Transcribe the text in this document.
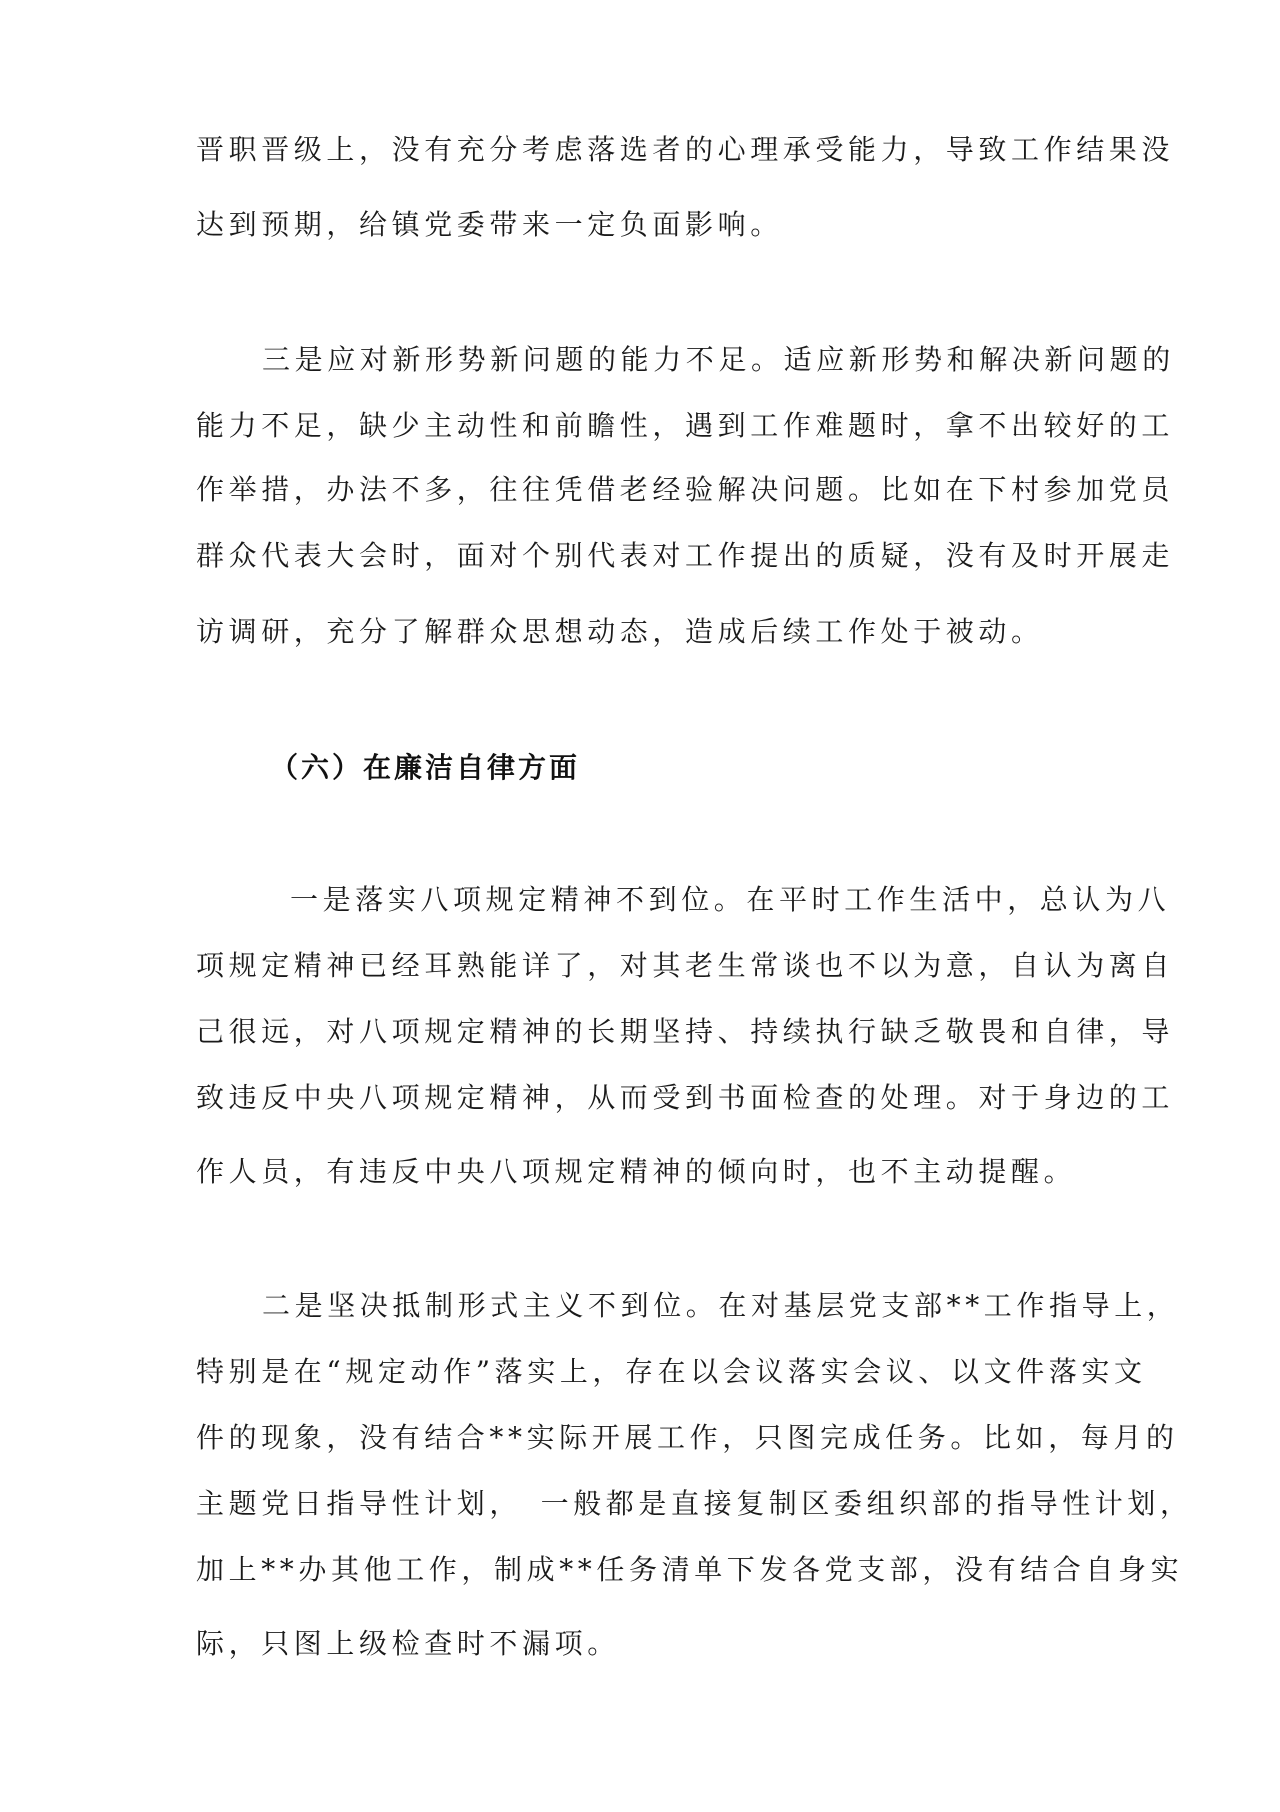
晋职晋级上，没有充分考虑落选者的心理承受能力，导致工作结果没

达到预期，给镇党委带来一定负面影响。

三是应对新形势新问题的能力不足。适应新形势和解决新问题的

能力不足，缺少主动性和前瞻性，遇到工作难题时，拿不出较好的工

作举措，办法不多，往往凭借老经验解决问题。比如在下村参加党员

群众代表大会时，面对个别代表对工作提出的质疑，没有及时开展走

访调研，充分了解群众思想动态，造成后续工作处于被动。

（六）在廉洁自律方面

一是落实八项规定精神不到位。在平时工作生活中，总认为八

项规定精神已经耳熟能详了，对其老生常谈也不以为意，自认为离自

己很远，对八项规定精神的长期坚持、持续执行缺乏敬畏和自律，导

致违反中央八项规定精神，从而受到书面检查的处理。对于身边的工

作人员，有违反中央八项规定精神的倾向时，也不主动提醒。

二是坚决抵制形式主义不到位。在对基层党支部**工作指导上，

特别是在“规定动作”落实上，存在以会议落实会议、以文件落实文

件的现象，没有结合**实际开展工作，只图完成任务。比如，每月的

主题党日指导性计划，　一般都是直接复制区委组织部的指导性计划，

加上**办其他工作，制成**任务清单下发各党支部，没有结合自身实

际，只图上级检查时不漏项。
